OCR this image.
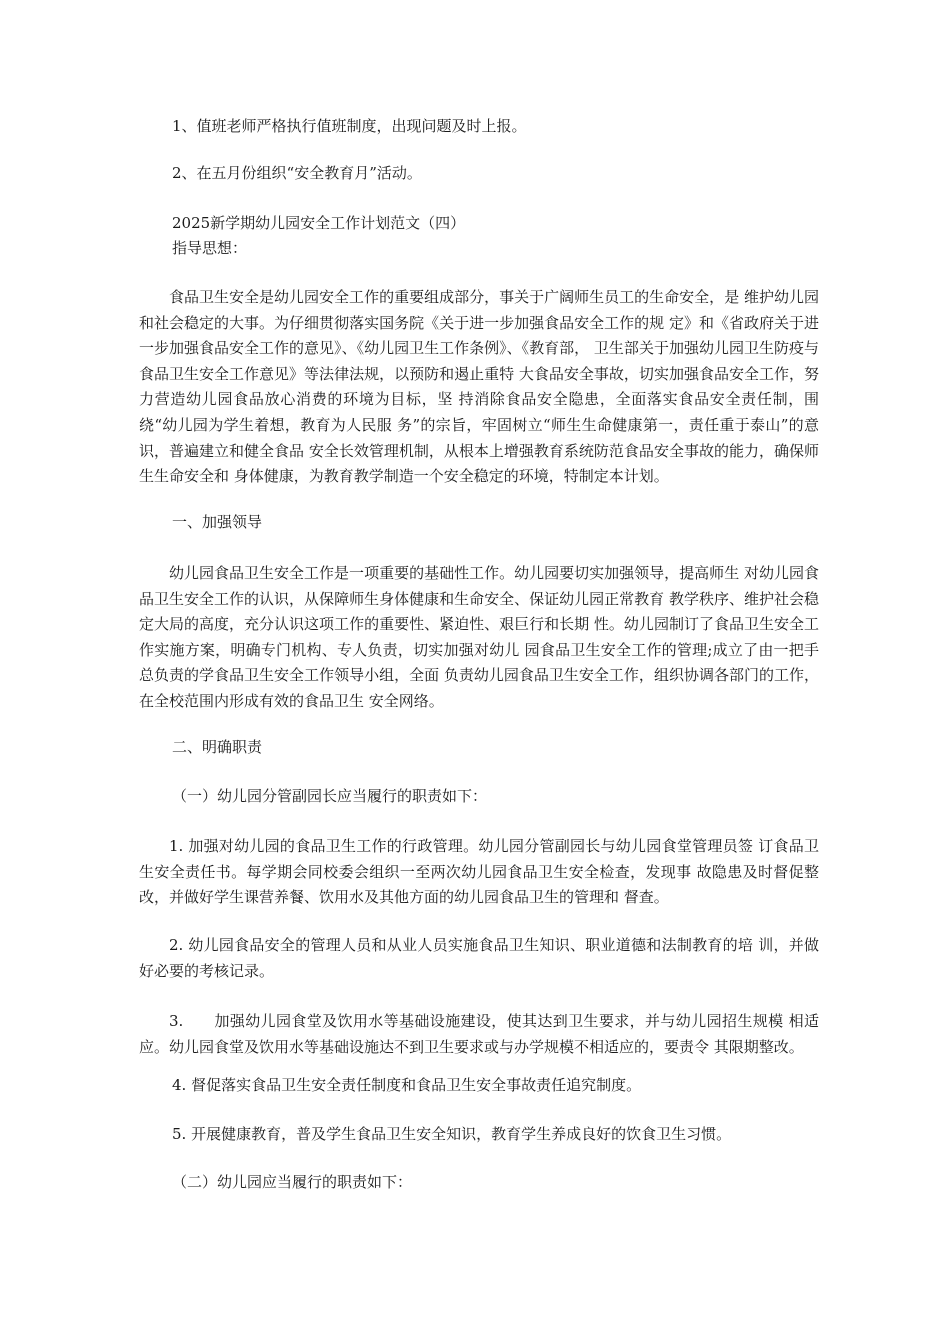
1、值班老师严格执行值班制度，出现问题及时上报。

2、在五月份组织“安全教育月”活动。

2025新学期幼儿园安全工作计划范文（四）

指导思想：

食品卫生安全是幼儿园安全工作的重要组成部分，事关于广阔师生员工的生命安全，是 维护幼儿园和社会稳定的大事。为仔细贯彻落实国务院《关于进一步加强食品安全工作的规 定》和《省政府关于进一步加强食品安全工作的意见》、《幼儿园卫生工作条例》、《教育部， 卫生部关于加强幼儿园卫生防疫与食品卫生安全工作意见》等法律法规，以预防和遏止重特 大食品安全事故，切实加强食品安全工作，努力营造幼儿园食品放心消费的环境为目标，坚 持消除食品安全隐患，全面落实食品安全责任制，围绕“幼儿园为学生着想，教育为人民服 务”的宗旨，牢固树立“师生生命健康第一，责任重于泰山”的意识，普遍建立和健全食品 安全长效管理机制，从根本上增强教育系统防范食品安全事故的能力，确保师生生命安全和 身体健康，为教育教学制造一个安全稳定的环境，特制定本计划。

一、加强领导

幼儿园食品卫生安全工作是一项重要的基础性工作。幼儿园要切实加强领导，提高师生 对幼儿园食品卫生安全工作的认识，从保障师生身体健康和生命安全、保证幼儿园正常教育 教学秩序、维护社会稳定大局的高度，充分认识这项工作的重要性、紧迫性、艰巨行和长期 性。幼儿园制订了食品卫生安全工作实施方案，明确专门机构、专人负责，切实加强对幼儿 园食品卫生安全工作的管理;成立了由一把手总负责的学食品卫生安全工作领导小组，全面 负责幼儿园食品卫生安全工作，组织协调各部门的工作，在全校范围内形成有效的食品卫生 安全网络。

二、明确职责

（一）幼儿园分管副园长应当履行的职责如下：

1. 加强对幼儿园的食品卫生工作的行政管理。幼儿园分管副园长与幼儿园食堂管理员签 订食品卫生安全责任书。每学期会同校委会组织一至两次幼儿园食品卫生安全检查，发现事 故隐患及时督促整改，并做好学生课营养餐、饮用水及其他方面的幼儿园食品卫生的管理和 督查。

2. 幼儿园食品安全的管理人员和从业人员实施食品卫生知识、职业道德和法制教育的培 训，并做好必要的考核记录。

3.　　加强幼儿园食堂及饮用水等基础设施建设，使其达到卫生要求，并与幼儿园招生规模 相适应。幼儿园食堂及饮用水等基础设施达不到卫生要求或与办学规模不相适应的，要责令 其限期整改。

4. 督促落实食品卫生安全责任制度和食品卫生安全事故责任追究制度。

5. 开展健康教育，普及学生食品卫生安全知识，教育学生养成良好的饮食卫生习惯。

（二）幼儿园应当履行的职责如下：
